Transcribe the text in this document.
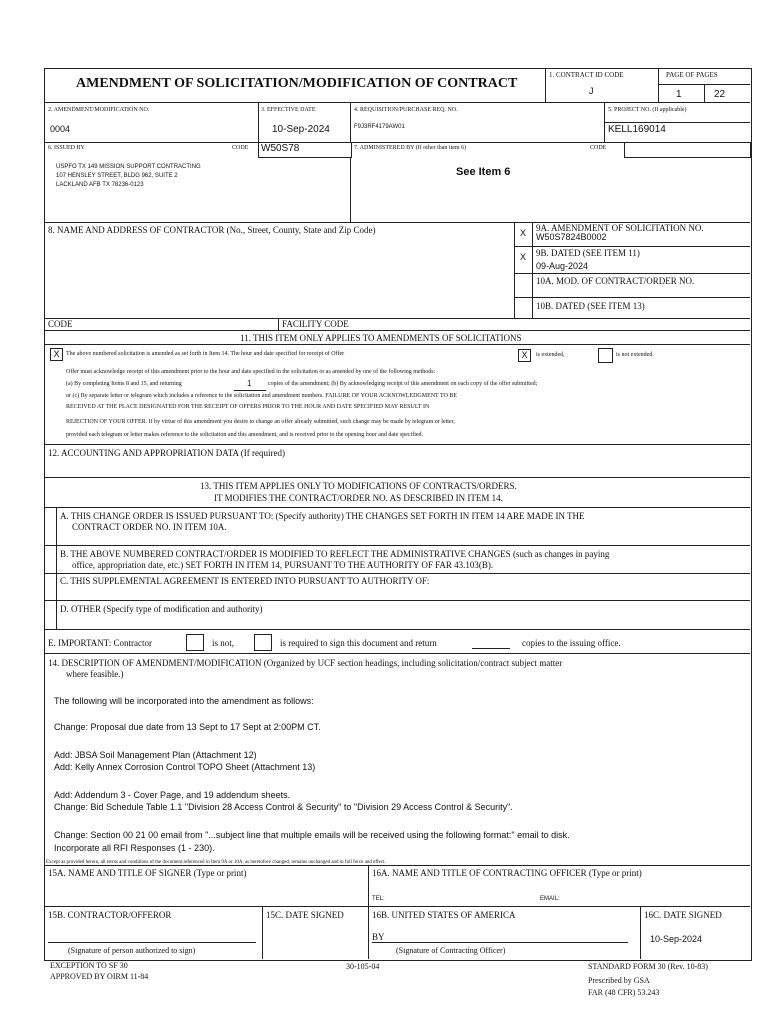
AMENDMENT OF SOLICITATION/MODIFICATION OF CONTRACT
1. CONTRACT ID CODE
J
PAGE OF PAGES
1	22
2. AMENDMENT/MODIFICATION NO.
0004
3. EFFECTIVE DATE
10-Sep-2024
4. REQUISITION/PURCHASE REQ. NO.
F9J3RF4179AW01
5. PROJECT NO. (If applicable)
KELL169014
6. ISSUED BY	CODE W50S78	7. ADMINISTERED BY (If other than item 6)	CODE
USPFO TX 149 MISSION SUPPORT CONTRACTING
107 HENSLEY STREET, BLDG 962, SUITE 2
LACKLAND AFB TX 78236-0123
See Item 6
8. NAME AND ADDRESS OF CONTRACTOR (No., Street, County, State and Zip Code)	X 9A. AMENDMENT OF SOLICITATION NO.
W50S7824B0002
X 9B. DATED (SEE ITEM 11)
09-Aug-2024
10A. MOD. OF CONTRACT/ORDER NO.
10B. DATED (SEE ITEM 13)
CODE	FACILITY CODE
11. THIS ITEM ONLY APPLIES TO AMENDMENTS OF SOLICITATIONS
X	The above numbered solicitation is amended as set forth in Item 14. The hour and date specified for receipt of Offer	X	is extended,	is not extended.
Offer must acknowledge receipt of this amendment prior to the hour and date specified in the solicitation or as amended by one of the following methods:
(a) By completing Items 8 and 15, and returning	1	copies of the amendment; (b) By acknowledging receipt of this amendment on each copy of the offer submitted;
or (c) By separate letter or telegram which includes a reference to the solicitation and amendment numbers. FAILURE OF YOUR ACKNOWLEDGMENT TO BE
RECEIVED AT THE PLACE DESIGNATED FOR THE RECEIPT OF OFFERS PRIOR TO THE HOUR AND DATE SPECIFIED MAY RESULT IN
REJECTION OF YOUR OFFER. If by virtue of this amendment you desire to change an offer already submitted, such change may be made by telegram or letter,
provided each telegram or letter makes reference to the solicitation and this amendment, and is received prior to the opening hour and date specified.
12. ACCOUNTING AND APPROPRIATION DATA (If required)
13. THIS ITEM APPLIES ONLY TO MODIFICATIONS OF CONTRACTS/ORDERS.
IT MODIFIES THE CONTRACT/ORDER NO. AS DESCRIBED IN ITEM 14.
A. THIS CHANGE ORDER IS ISSUED PURSUANT TO: (Specify authority) THE CHANGES SET FORTH IN ITEM 14 ARE MADE IN THE
CONTRACT ORDER NO. IN ITEM 10A.
B. THE ABOVE NUMBERED CONTRACT/ORDER IS MODIFIED TO REFLECT THE ADMINISTRATIVE CHANGES (such as changes in paying
office, appropriation date, etc.) SET FORTH IN ITEM 14, PURSUANT TO THE AUTHORITY OF FAR 43.103(B).
C. THIS SUPPLEMENTAL AGREEMENT IS ENTERED INTO PURSUANT TO AUTHORITY OF:
D. OTHER (Specify type of modification and authority)
E. IMPORTANT: Contractor	is not,	is required to sign this document and return	copies to the issuing office.
14. DESCRIPTION OF AMENDMENT/MODIFICATION (Organized by UCF section headings, including solicitation/contract subject matter
where feasible.)
The following will be incorporated into the amendment as follows:
Change: Proposal due date from 13 Sept to 17 Sept at 2:00PM CT.
Add: JBSA Soil Management Plan (Attachment 12)
Add: Kelly Annex Corrosion Control TOPO Sheet (Attachment 13)
Add: Addendum 3 - Cover Page, and 19 addendum sheets.
Change: Bid Schedule Table 1.1 "Division 28 Access Control & Security" to "Division 29 Access Control & Security".
Change: Section 00 21 00 email from "...subject line that multiple emails will be received using the following format:" email to disk.
Incorporate all RFI Responses (1 - 230).
Except as provided herein, all terms and conditions of the document referenced in Item 9A or 10A, as heretofore changed, remains unchanged and in full force and effect.
15A. NAME AND TITLE OF SIGNER (Type or print)	16A. NAME AND TITLE OF CONTRACTING OFFICER (Type or print)
TEL:	EMAIL:
15B. CONTRACTOR/OFFEROR	15C. DATE SIGNED	16B. UNITED STATES OF AMERICA	16C. DATE SIGNED
BY	10-Sep-2024
(Signature of person authorized to sign)	(Signature of Contracting Officer)
EXCEPTION TO SF 30
APPROVED BY OIRM 11-84
30-105-04	STANDARD FORM 30 (Rev. 10-83)
Prescribed by GSA
FAR (48 CFR) 53.243
